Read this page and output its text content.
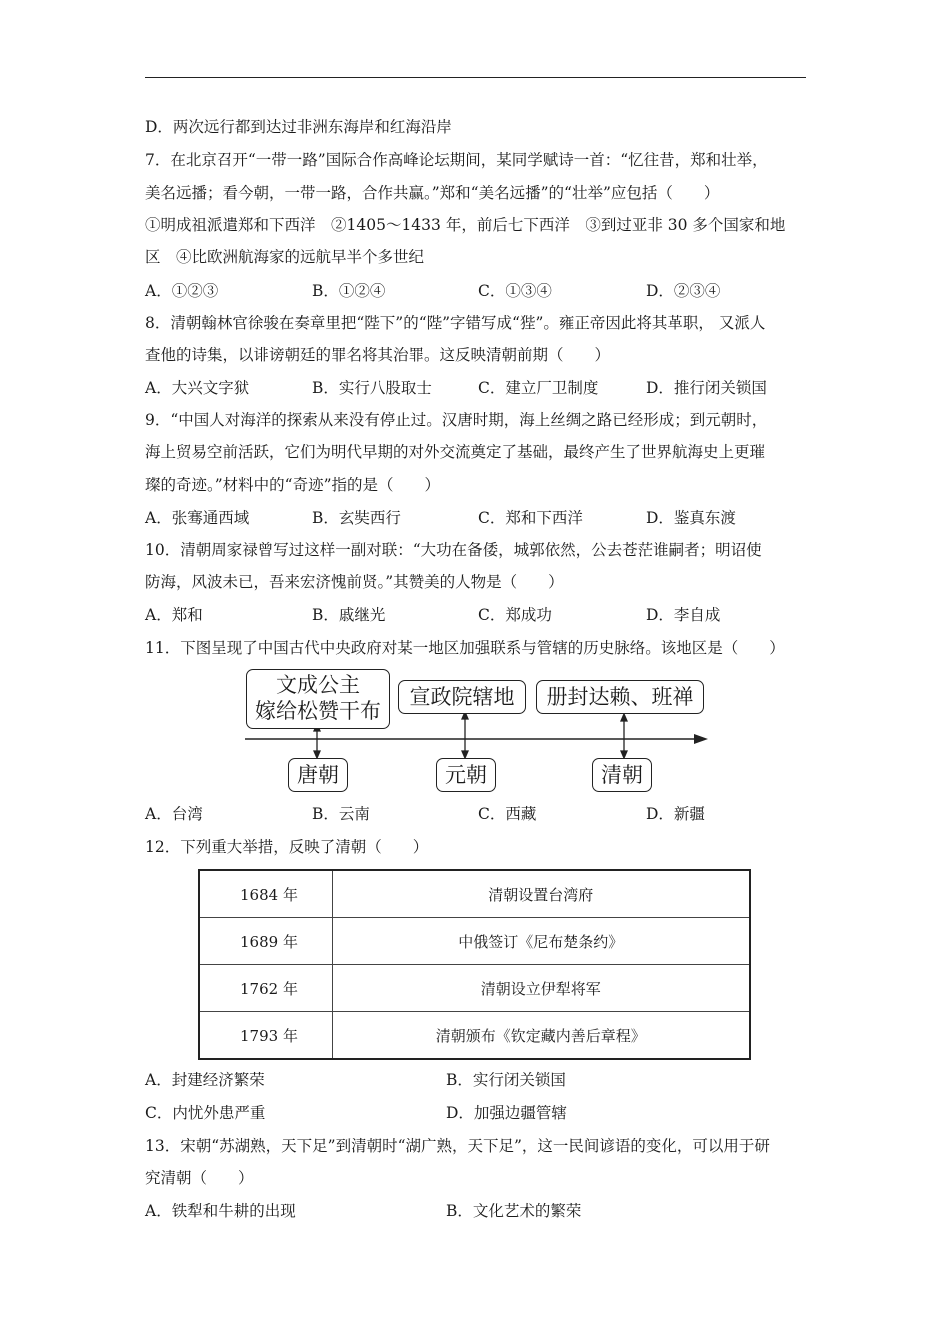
D．两次远行都到达过非洲东海岸和红海沿岸
7．在北京召开“一带一路”国际合作高峰论坛期间，某同学赋诗一首：“忆往昔，郑和壮举，
美名远播；看今朝，一带一路，合作共赢。”郑和“美名远播”的“壮举”应包括（　　）
①明成祖派遣郑和下西洋　②1405～1433 年，前后七下西洋　③到过亚非 30 多个国家和地
区　④比欧洲航海家的远航早半个多世纪
A．①②③	B．①②④	C．①③④	D．②③④
8．清朝翰林官徐骏在奏章里把“陛下”的“陛”字错写成“狴”。雍正帝因此将其革职， 又派人
查他的诗集，以诽谤朝廷的罪名将其治罪。这反映清朝前期（　　）
A．大兴文字狱	B．实行八股取士	C．建立厂卫制度	D．推行闭关锁国
9．“中国人对海洋的探索从来没有停止过。汉唐时期，海上丝绸之路已经形成；到元朝时，
海上贸易空前活跃，它们为明代早期的对外交流奠定了基础，最终产生了世界航海史上更璀
璨的奇迹。”材料中的“奇迹”指的是（　　）
A．张骞通西域	B．玄奘西行	C．郑和下西洋	D．鉴真东渡
10．清朝周家禄曾写过这样一副对联：“大功在备倭，城郭依然，公去苍茫谁嗣者；明诏使
防海，风波未已，吾来宏济愧前贤。”其赞美的人物是（　　）
A．郑和	B．戚继光	C．郑成功	D．李自成
11．下图呈现了中国古代中央政府对某一地区加强联系与管辖的历史脉络。该地区是（　　）
文成公主
嫁给松赞干布
宣政院辖地	册封达赖、班禅
唐朝	元朝	清朝
A．台湾	B．云南	C．西藏	D．新疆
12．下列重大举措，反映了清朝（　　）
1684 年	清朝设置台湾府
1689 年	中俄签订《尼布楚条约》
1762 年	清朝设立伊犁将军
1793 年	清朝颁布《钦定藏内善后章程》
A．封建经济繁荣	B．实行闭关锁国
C．内忧外患严重	D．加强边疆管辖
13．宋朝“苏湖熟，天下足”到清朝时“湖广熟，天下足”，这一民间谚语的变化，可以用于研
究清朝（　　）
A．铁犁和牛耕的出现	B．文化艺术的繁荣
